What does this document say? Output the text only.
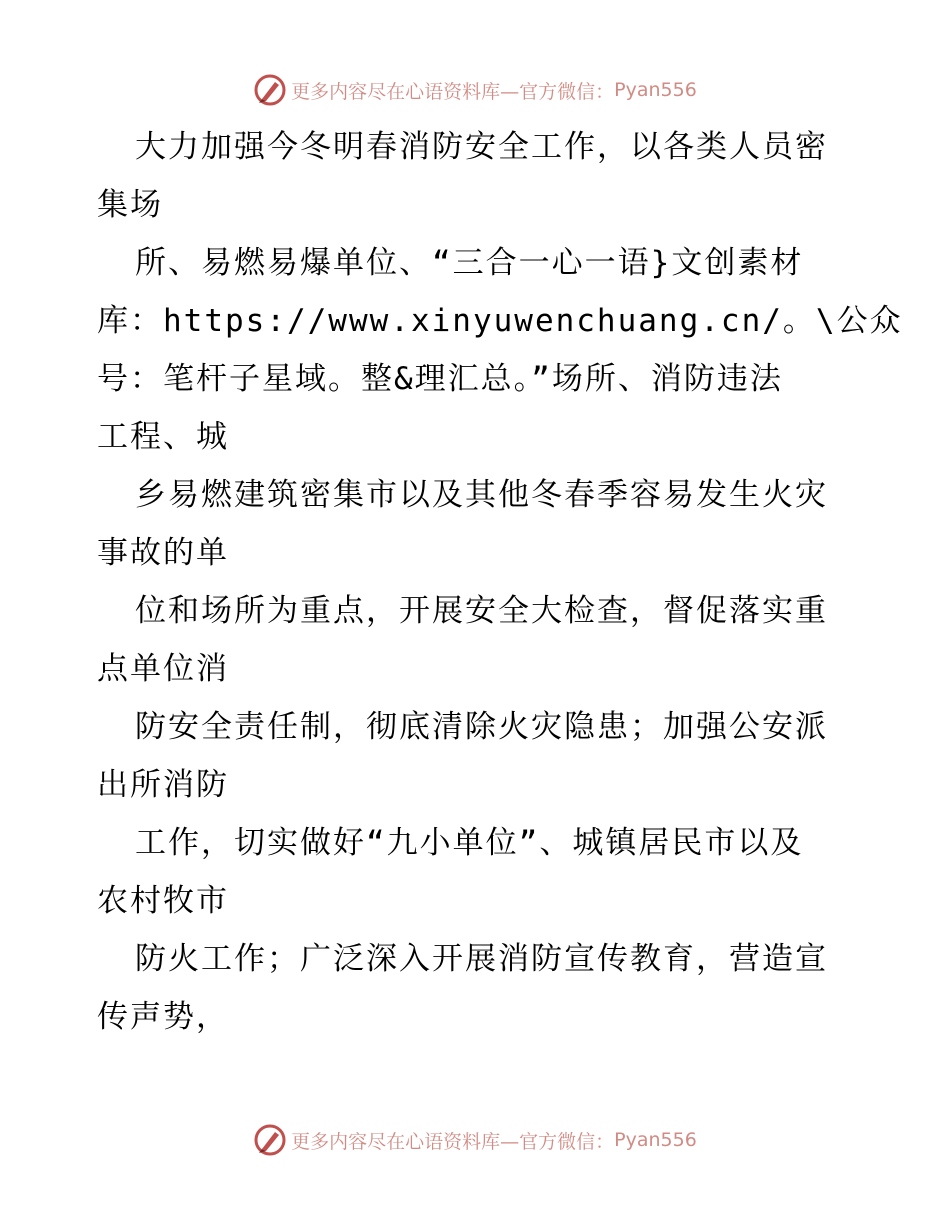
更多内容尽在心语资料库—官方微信： Pyan556
大力加强今冬明春消防安全工作，以各类人员密
集场
所、易燃易爆单位、“三合一心一语}文创素材
库：https://www.xinyuwenchuang.cn/。\公众
号：笔杆子星域。整&理汇总。”场所、消防违法
工程、城
乡易燃建筑密集市以及其他冬春季容易发生火灾
事故的单
位和场所为重点，开展安全大检查，督促落实重
点单位消
防安全责任制，彻底清除火灾隐患；加强公安派
出所消防
工作，切实做好“九小单位”、城镇居民市以及
农村牧市
防火工作；广泛深入开展消防宣传教育，营造宣
传声势，
更多内容尽在心语资料库—官方微信： Pyan556
